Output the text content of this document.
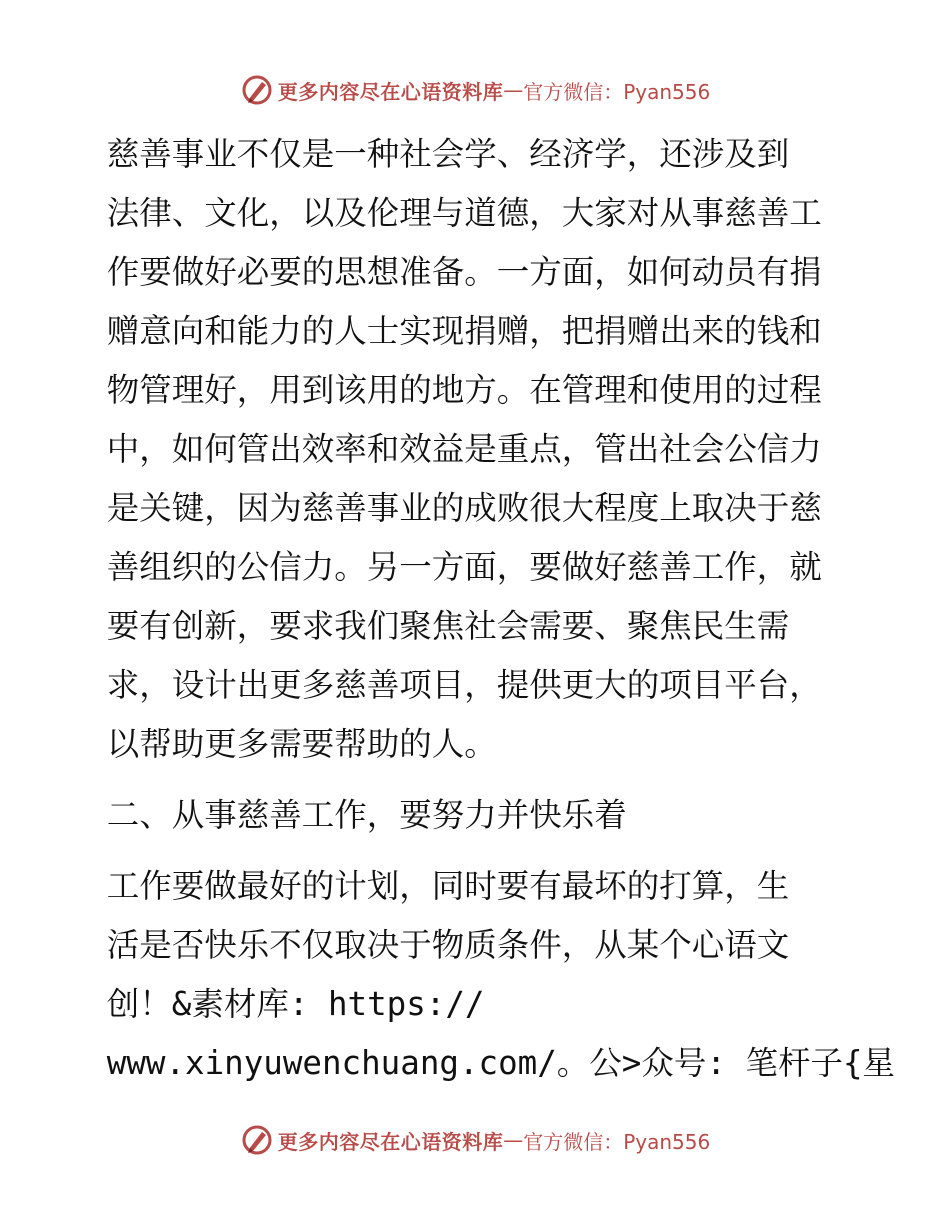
更多内容尽在心语资料库 — 官方微信：Pyan556

慈善事业不仅是一种社会学、经济学，还涉及到
法律、文化，以及伦理与道德，大家对从事慈善工
作要做好必要的思想准备。一方面，如何动员有捐
赠意向和能力的人士实现捐赠，把捐赠出来的钱和
物管理好，用到该用的地方。在管理和使用的过程
中，如何管出效率和效益是重点，管出社会公信力
是关键，因为慈善事业的成败很大程度上取决于慈
善组织的公信力。另一方面，要做好慈善工作，就
要有创新，要求我们聚焦社会需要、聚焦民生需
求，设计出更多慈善项目，提供更大的项目平台，
以帮助更多需要帮助的人。

二、从事慈善工作，要努力并快乐着

工作要做最好的计划，同时要有最坏的打算，生
活是否快乐不仅取决于物质条件，从某个心语文
创！&素材库: https://
www.xinyuwenchuang.com/。公>众号: 笔杆子{星

更多内容尽在心语资料库 — 官方微信：Pyan556
